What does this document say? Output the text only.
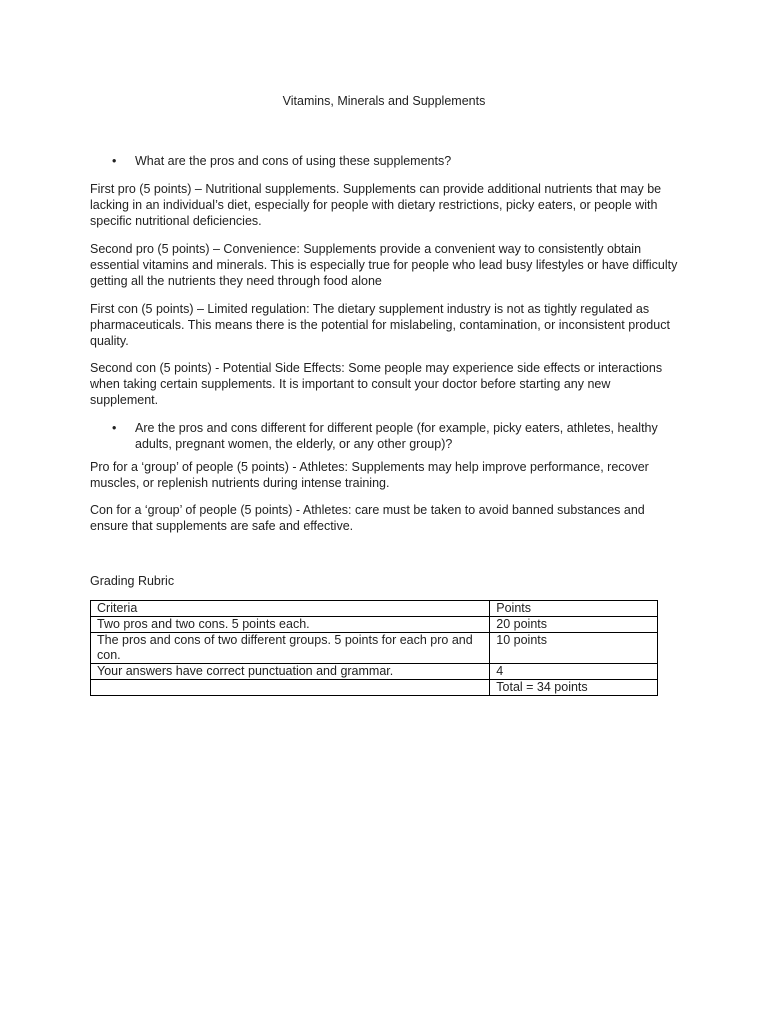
Vitamins, Minerals and Supplements
•	What are the pros and cons of using these supplements?
First pro (5 points) – Nutritional supplements. Supplements can provide additional nutrients that may be lacking in an individual’s diet, especially for people with dietary restrictions, picky eaters, or people with specific nutritional deficiencies.
Second pro (5 points) – Convenience: Supplements provide a convenient way to consistently obtain essential vitamins and minerals. This is especially true for people who lead busy lifestyles or have difficulty getting all the nutrients they need through food alone
First con (5 points) – Limited regulation: The dietary supplement industry is not as tightly regulated as pharmaceuticals. This means there is the potential for mislabeling, contamination, or inconsistent product quality.
Second con (5 points) - Potential Side Effects: Some people may experience side effects or interactions when taking certain supplements. It is important to consult your doctor before starting any new supplement.
•	Are the pros and cons different for different people (for example, picky eaters, athletes, healthy adults, pregnant women, the elderly, or any other group)?
Pro for a ‘group’ of people (5 points) - Athletes: Supplements may help improve performance, recover muscles, or replenish nutrients during intense training.
Con for a ‘group’ of people (5 points) - Athletes: care must be taken to avoid banned substances and ensure that supplements are safe and effective.
Grading Rubric
Criteria	Points
Two pros and two cons. 5 points each.	20 points
The pros and cons of two different groups. 5 points for each pro and con.	10 points
Your answers have correct punctuation and grammar.	4
	Total = 34 points
